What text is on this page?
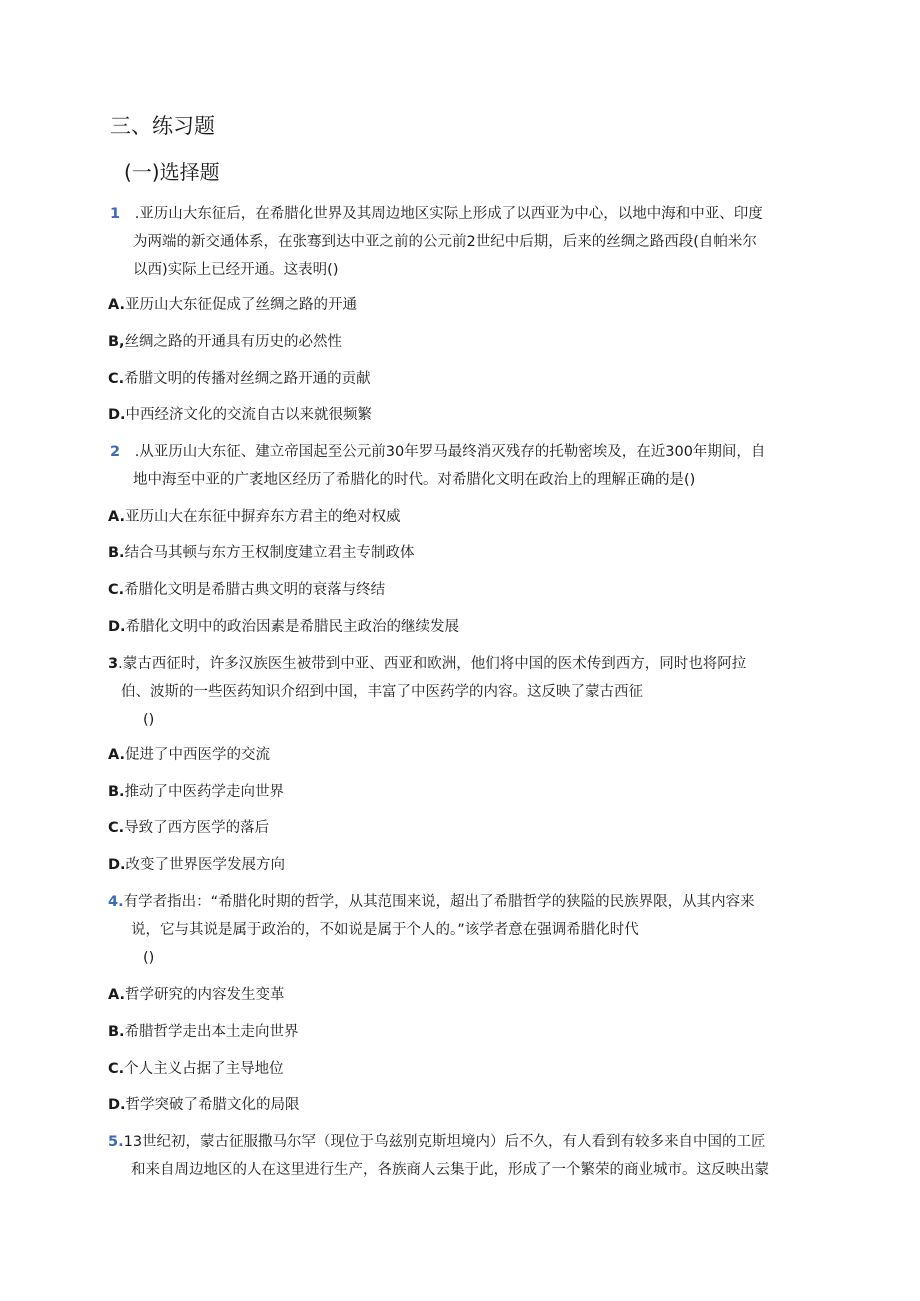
三、练习题
(一)选择题
1 .亚历山大东征后，在希腊化世界及其周边地区实际上形成了以西亚为中心，以地中海和中亚、印度
为两端的新交通体系，在张骞到达中亚之前的公元前2世纪中后期，后来的丝绸之路西段(自帕米尔
以西)实际上已经开通。这表明()
A.亚历山大东征促成了丝绸之路的开通
B,丝绸之路的开通具有历史的必然性
C.希腊文明的传播对丝绸之路开通的贡献
D.中西经济文化的交流自古以来就很频繁
2 .从亚历山大东征、建立帝国起至公元前30年罗马最终消灭残存的托勒密埃及，在近300年期间，自
地中海至中亚的广袤地区经历了希腊化的时代。对希腊化文明在政治上的理解正确的是()
A.亚历山大在东征中摒弃东方君主的绝对权威
B.结合马其顿与东方王权制度建立君主专制政体
C.希腊化文明是希腊古典文明的衰落与终结
D.希腊化文明中的政治因素是希腊民主政治的继续发展
3.蒙古西征时，许多汉族医生被带到中亚、西亚和欧洲，他们将中国的医术传到西方，同时也将阿拉
伯、波斯的一些医药知识介绍到中国，丰富了中医药学的内容。这反映了蒙古西征
()
A.促进了中西医学的交流
B.推动了中医药学走向世界
C.导致了西方医学的落后
D.改变了世界医学发展方向
4.有学者指出：“希腊化时期的哲学，从其范围来说，超出了希腊哲学的狭隘的民族界限，从其内容来
说，它与其说是属于政治的，不如说是属于个人的。”该学者意在强调希腊化时代
()
A.哲学研究的内容发生变革
B.希腊哲学走出本土走向世界
C.个人主义占据了主导地位
D.哲学突破了希腊文化的局限
5.13世纪初，蒙古征服撒马尔罕（现位于乌兹别克斯坦境内）后不久，有人看到有较多来自中国的工匠
和来自周边地区的人在这里进行生产，各族商人云集于此，形成了一个繁荣的商业城市。这反映出蒙
